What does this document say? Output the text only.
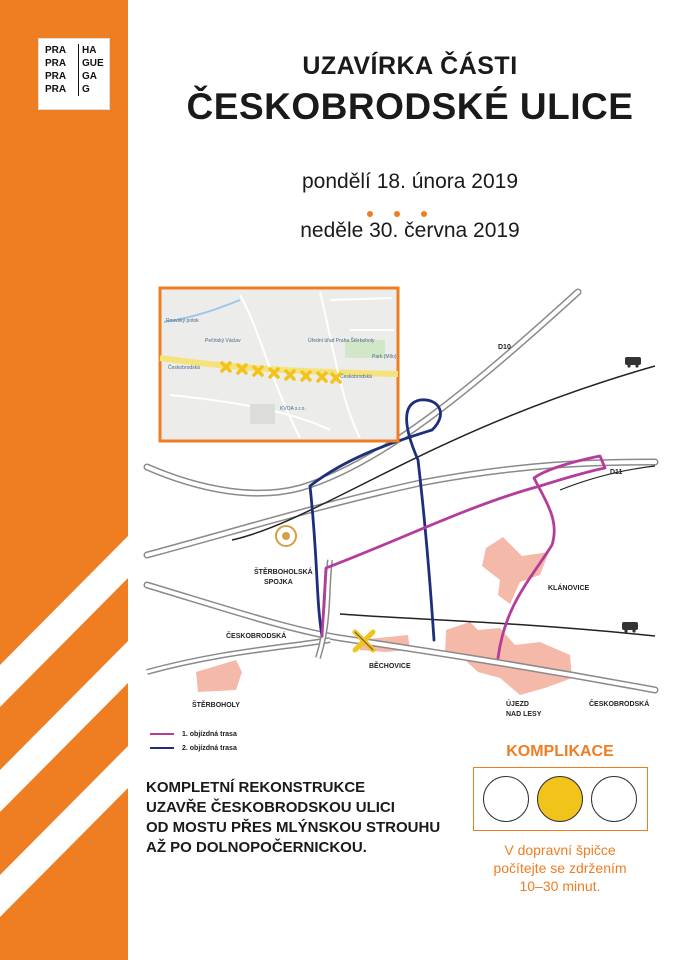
PRA	HA
PRA	GUE
PRA	GA
PRA	G
UZAVÍRKA ČÁSTI
ČESKOBRODSKÉ ULICE
pondělí 18. února 2019
neděle 30. června 2019
D10
D11
ŠTĚRBOHOLSKÁ
SPOJKA
ČESKOBRODSKÁ
KLÁNOVICE
BĚCHOVICE
ŠTĚRBOHOLY	ÚJEZD
NAD LESY
ČESKOBRODSKÁ
Rouvský potok
Pečrtský Václav	Úřední úřad Praha Štěrboholy
Park (Mílo)
Českobrodská
Českobrodská
KVOA s.r.o.
1. objízdná trasa
2. objízdná trasa
KOMPLETNÍ REKONSTRUKCE
UZAVŘE ČESKOBRODSKOU ULICI
OD MOSTU PŘES MLÝNSKOU STROUHU
AŽ PO DOLNOPOČERNICKOU.
KOMPLIKACE
V dopravní špičce
počítejte se zdržením
10–30 minut.
